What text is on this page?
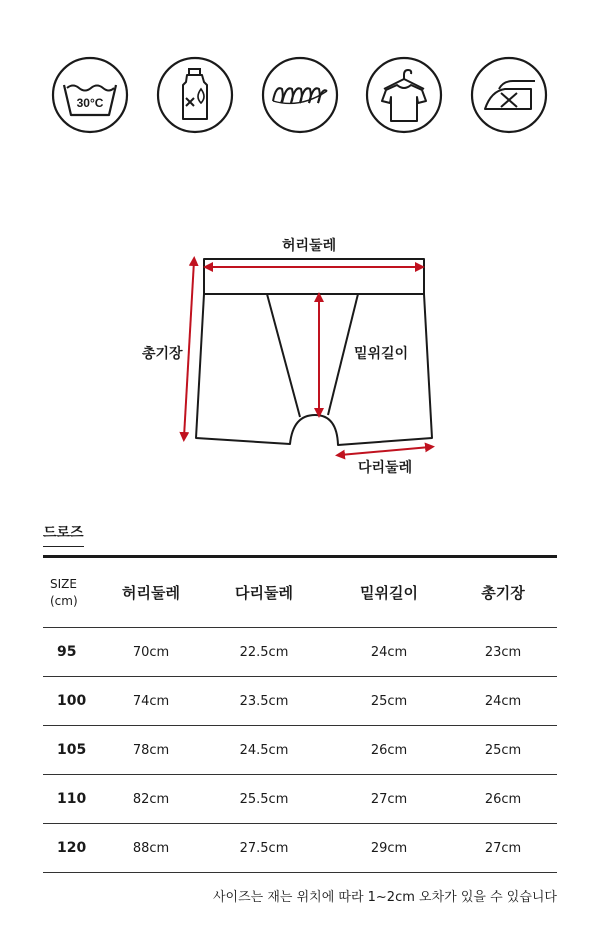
30°C
허리둘레
총기장	밑위길이
다리둘레
드로즈
SIZE
(cm)	허리둘레	다리둘레	밑위길이	총기장
95	70cm	22.5cm	24cm	23cm
100	74cm	23.5cm	25cm	24cm
105	78cm	24.5cm	26cm	25cm
110	82cm	25.5cm	27cm	26cm
120	88cm	27.5cm	29cm	27cm
사이즈는 재는 위치에 따라 1~2cm 오차가 있을 수 있습니다
